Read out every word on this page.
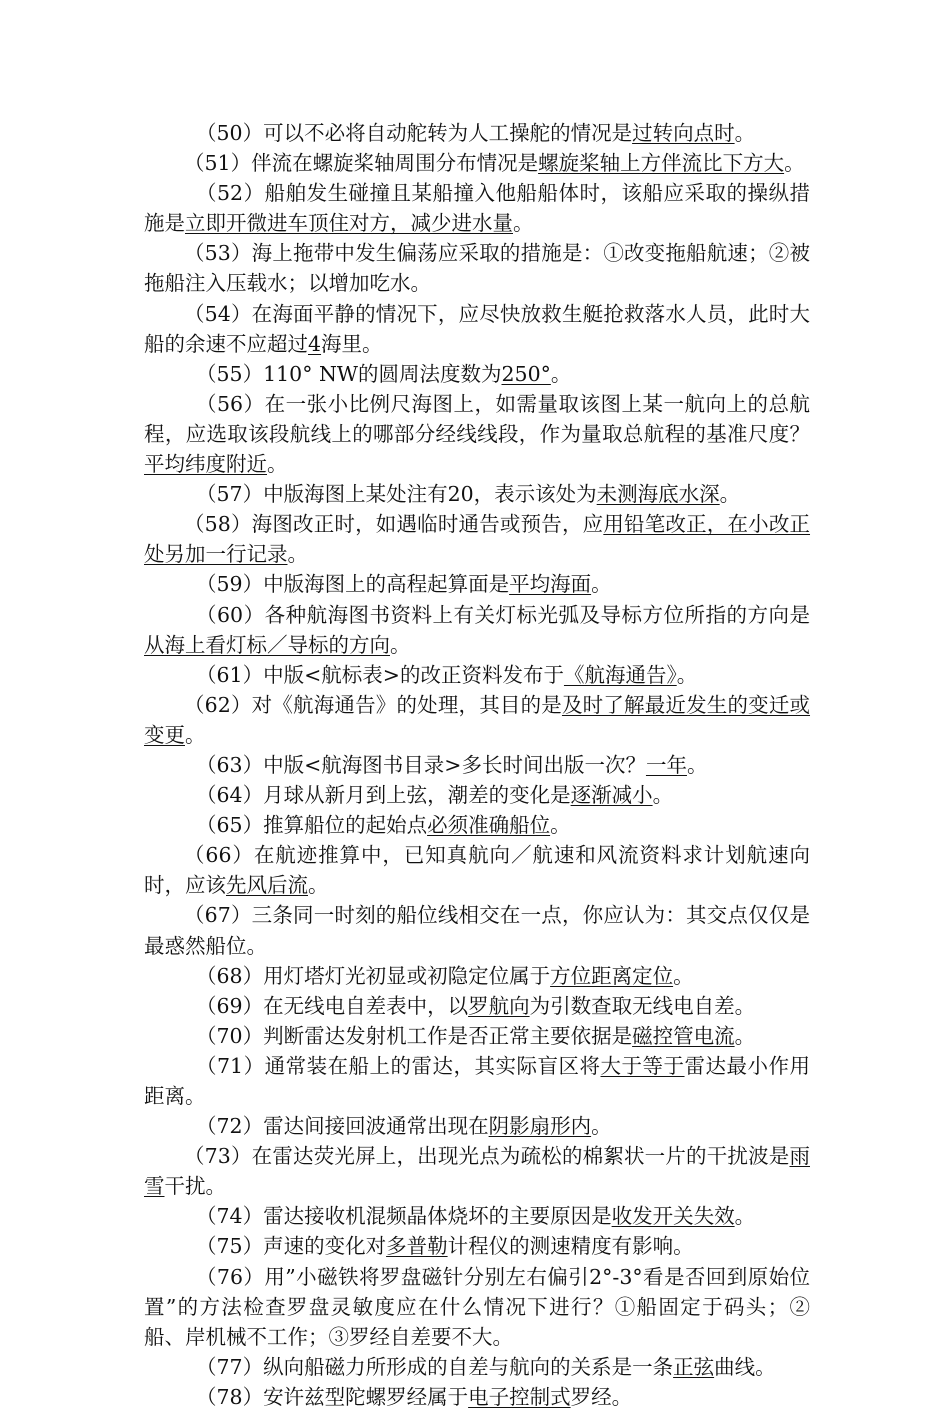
（50）可以不必将自动舵转为人工操舵的情况是过转向点时。

（51）伴流在螺旋桨轴周围分布情况是螺旋桨轴上方伴流比下方大。

（52）船舶发生碰撞且某船撞入他船船体时，该船应采取的操纵措施是立即开微进车顶住对方，减少进水量。

（53）海上拖带中发生偏荡应采取的措施是：①改变拖船航速；②被拖船注入压载水；以增加吃水。

（54）在海面平静的情况下，应尽快放救生艇抢救落水人员，此时大船的余速不应超过4海里。

（55）110° NW的圆周法度数为250°。

（56）在一张小比例尺海图上，如需量取该图上某一航向上的总航程，应选取该段航线上的哪部分经线线段，作为量取总航程的基准尺度？平均纬度附近。

（57）中版海图上某处注有20，表示该处为未测海底水深。

（58）海图改正时，如遇临时通告或预告，应用铅笔改正，在小改正处另加一行记录。

（59）中版海图上的高程起算面是平均海面。

（60）各种航海图书资料上有关灯标光弧及导标方位所指的方向是从海上看灯标／导标的方向。

（61）中版<航标表>的改正资料发布于《航海通告》。

（62）对《航海通告》的处理，其目的是及时了解最近发生的变迁或变更。

（63）中版<航海图书目录>多长时间出版一次？一年。

（64）月球从新月到上弦，潮差的变化是逐渐减小。

（65）推算船位的起始点必须准确船位。

（66）在航迹推算中，已知真航向／航速和风流资料求计划航速向时，应该先风后流。

（67）三条同一时刻的船位线相交在一点，你应认为：其交点仅仅是最惑然船位。

（68）用灯塔灯光初显或初隐定位属于方位距离定位。

（69）在无线电自差表中，以罗航向为引数查取无线电自差。

（70）判断雷达发射机工作是否正常主要依据是磁控管电流。

（71）通常装在船上的雷达，其实际盲区将大于等于雷达最小作用距离。

（72）雷达间接回波通常出现在阴影扇形内。

（73）在雷达荧光屏上，出现光点为疏松的棉絮状一片的干扰波是雨雪干扰。

（74）雷达接收机混频晶体烧坏的主要原因是收发开关失效。

（75）声速的变化对多普勒计程仪的测速精度有影响。

（76）用”小磁铁将罗盘磁针分别左右偏引2°-3°看是否回到原始位置”的方法检查罗盘灵敏度应在什么情况下进行？①船固定于码头；②船、岸机械不工作；③罗经自差要不大。

（77）纵向船磁力所形成的自差与航向的关系是一条正弦曲线。

（78）安许兹型陀螺罗经属于电子控制式罗经。
